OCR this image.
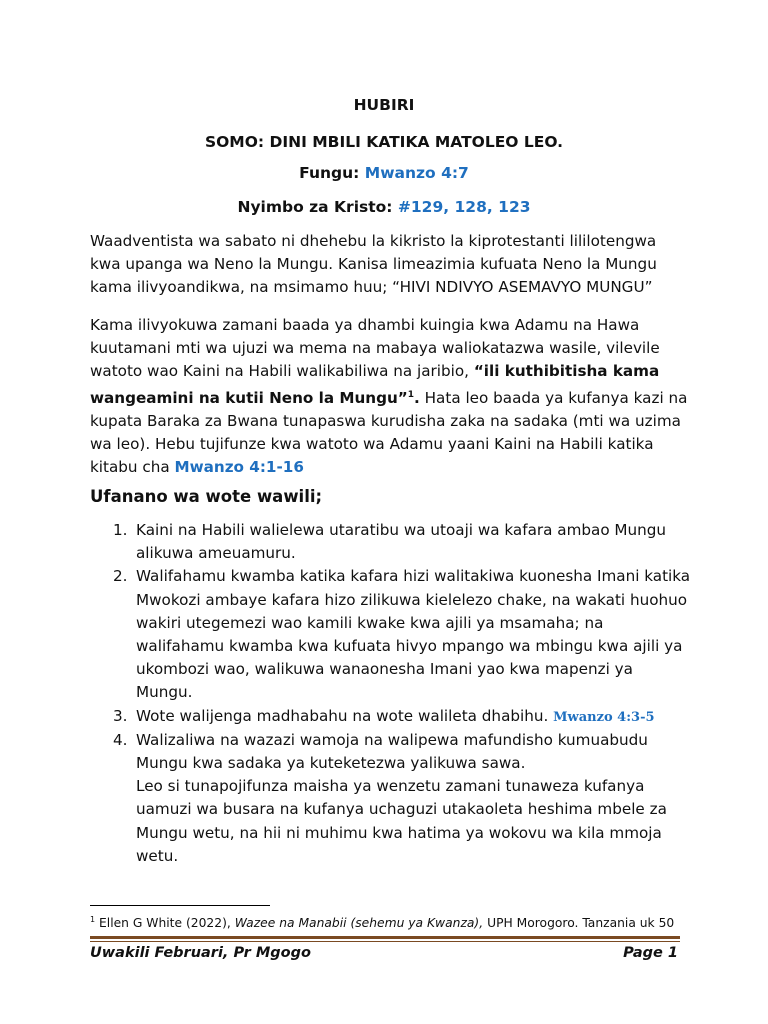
HUBIRI
SOMO: DINI MBILI KATIKA MATOLEO LEO.
Fungu: Mwanzo 4:7
Nyimbo za Kristo: #129, 128, 123

Waadventista wa sabato ni dhehebu la kikristo la kiprotestanti lililotengwa kwa upanga wa Neno la Mungu. Kanisa limeazimia kufuata Neno la Mungu kama ilivyoandikwa, na msimamo huu; “HIVI NDIVYO ASEMAVYO MUNGU”

Kama ilivyokuwa zamani baada ya dhambi kuingia kwa Adamu na Hawa kuutamani mti wa ujuzi wa mema na mabaya waliokatazwa wasile, vilevile watoto wao Kaini na Habili walikabiliwa na jaribio, “ili kuthibitisha kama wangeamini na kutii Neno la Mungu”$^1$. Hata leo baada ya kufanya kazi na kupata Baraka za Bwana tunapaswa kurudisha zaka na sadaka (mti wa uzima wa leo). Hebu tujifunze kwa watoto wa Adamu yaani Kaini na Habili katika kitabu cha Mwanzo 4:1-16

Ufanano wa wote wawili;
1. Kaini na Habili walielewa utaratibu wa utoaji wa kafara ambao Mungu alikuwa ameuamuru.
2. Walifahamu kwamba katika kafara hizi walitakiwa kuonesha Imani katika Mwokozi ambaye kafara hizo zilikuwa kielelezo chake, na wakati huohuo wakiri utegemezi wao kamili kwake kwa ajili ya msamaha; na walifahamu kwamba kwa kufuata hivyo mpango wa mbingu kwa ajili ya ukombozi wao, walikuwa wanaonesha Imani yao kwa mapenzi ya Mungu.
3. Wote walijenga madhabahu na wote walileta dhabihu. Mwanzo 4:3-5
4. Walizaliwa na wazazi wamoja na walipewa mafundisho kumuabudu Mungu kwa sadaka ya kuteketezwa yalikuwa sawa.
Leo si tunapojifunza maisha ya wenzetu zamani tunaweza kufanya uamuzi wa busara na kufanya uchaguzi utakaoleta heshima mbele za Mungu wetu, na hii ni muhimu kwa hatima ya wokovu wa kila mmoja wetu.
$^1$ Ellen G White (2022), Wazee na Manabii (sehemu ya Kwanza), UPH Morogoro. Tanzania uk 50
Uwakili Februari, Pr Mgogo	Page 1
